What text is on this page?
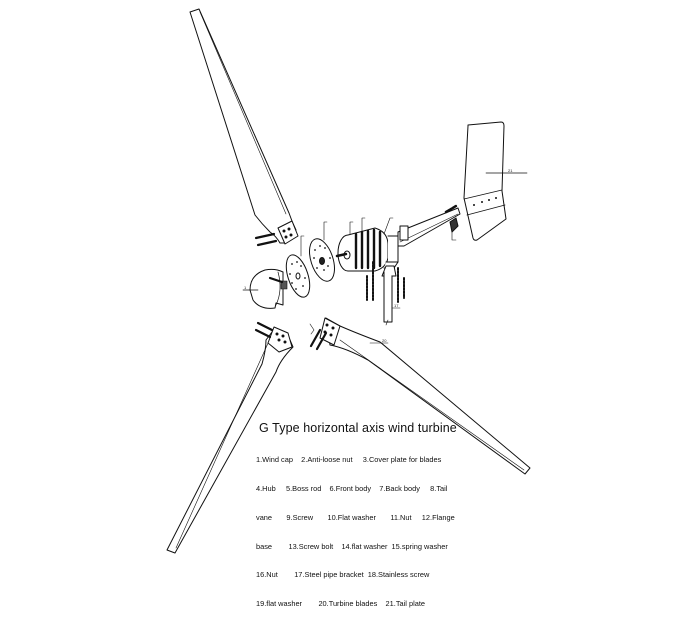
21
20
17
1
G Type horizontal axis wind turbine

1.Wind cap    2.Anti-loose nut     3.Cover plate for blades

4.Hub     5.Boss rod    6.Front body    7.Back body     8.Tail

vane       9.Screw       10.Flat washer       11.Nut     12.Flange

base        13.Screw bolt    14.flat washer  15.spring washer

16.Nut        17.Steel pipe bracket  18.Stainless screw

19.flat washer        20.Turbine blades    21.Tail plate
